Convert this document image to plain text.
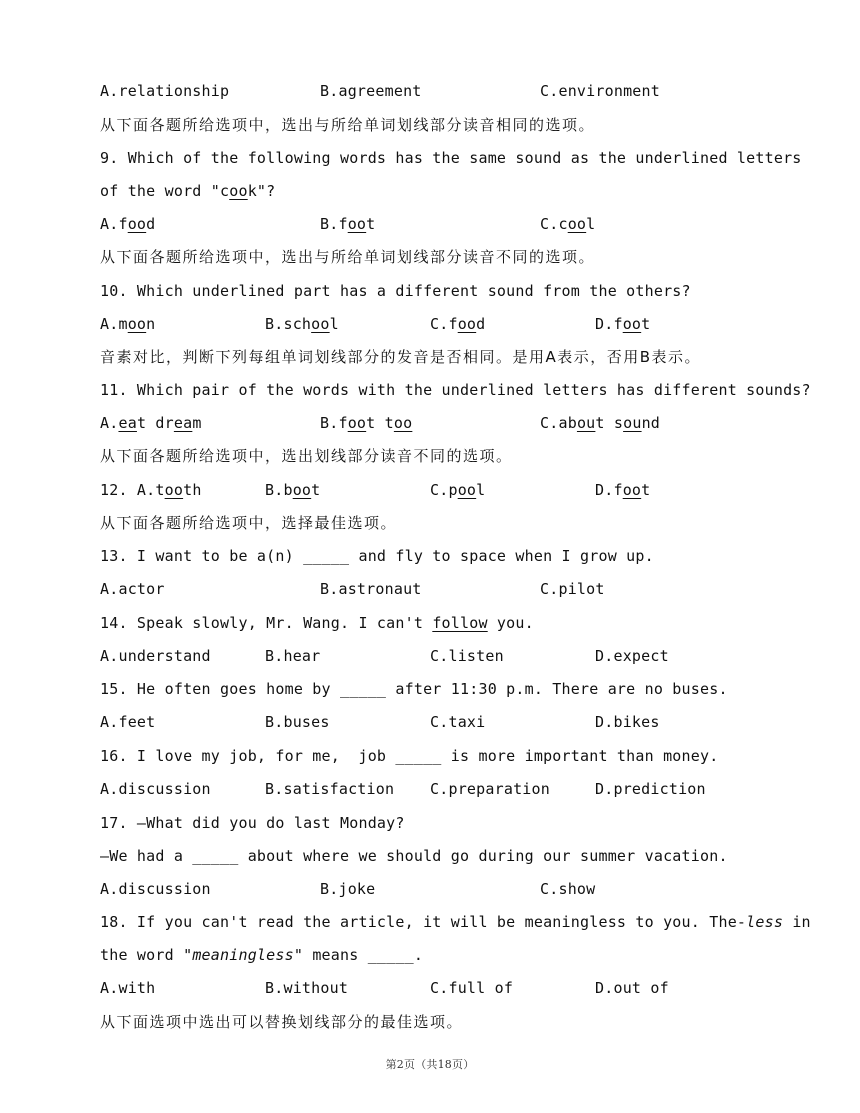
A.relationship	B.agreement	C.environment
从下面各题所给选项中，选出与所给单词划线部分读音相同的选项。
9. Which of the following words has the same sound as the underlined letters
of the word "cook"?
A.food	B.foot	C.cool
从下面各题所给选项中，选出与所给单词划线部分读音不同的选项。
10. Which underlined part has a different sound from the others?
A.moon	B.school	C.food	D.foot
音素对比，判断下列每组单词划线部分的发音是否相同。是用A表示，否用B表示。
11. Which pair of the words with the underlined letters has different sounds?
A.eat dream	B.foot too	C.about sound
从下面各题所给选项中，选出划线部分读音不同的选项。
12. A.tooth	B.boot	C.pool	D.foot
从下面各题所给选项中，选择最佳选项。
13. I want to be a(n) _____ and fly to space when I grow up.
A.actor	B.astronaut	C.pilot
14. Speak slowly, Mr. Wang. I can't follow you.
A.understand	B.hear	C.listen	D.expect
15. He often goes home by _____ after 11:30 p.m. There are no buses.
A.feet	B.buses	C.taxi	D.bikes
16. I love my job, for me,  job _____ is more important than money.
A.discussion	B.satisfaction C.preparation	D.prediction
17. —What did you do last Monday?
—We had a _____ about where we should go during our summer vacation.
A.discussion	B.joke	C.show
18. If you can't read the article, it will be meaningless to you. The-less in
the word "meaningless" means _____.
A.with	B.without	C.full of	D.out of
从下面选项中选出可以替换划线部分的最佳选项。
第2页（共18页）
